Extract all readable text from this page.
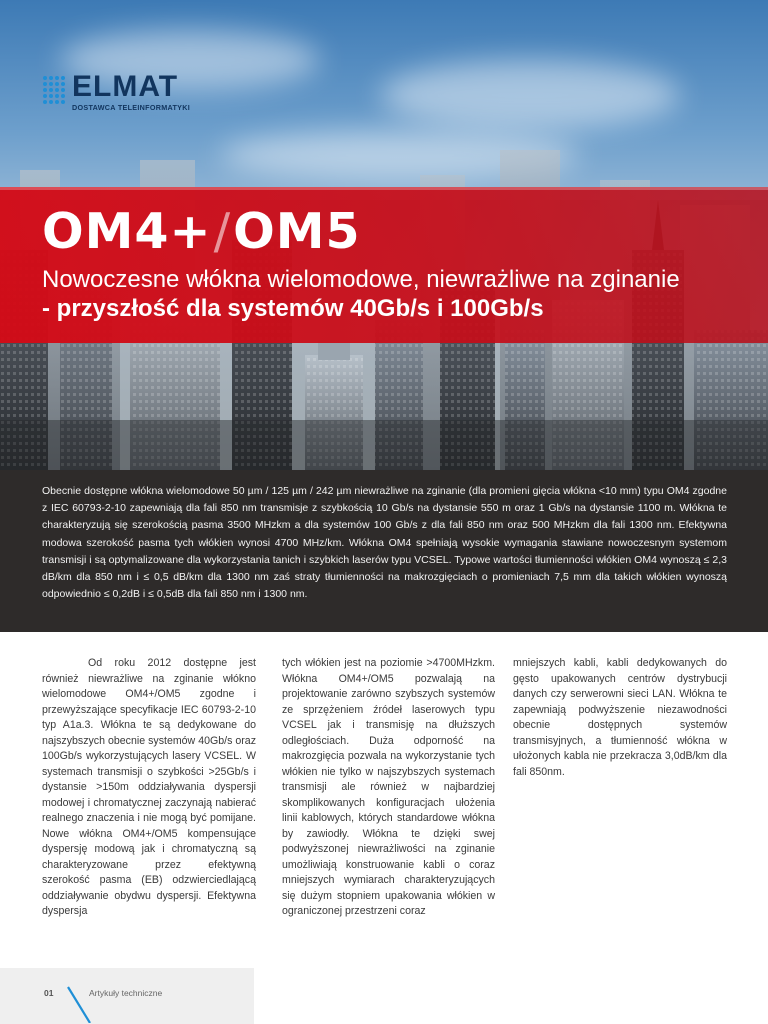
ELMAT
DOSTAWCA TELEINFORMATYKI
OM4+/OM5
Nowoczesne włókna wielomodowe, niewrażliwe na zginanie
- przyszłość dla systemów 40Gb/s i 100Gb/s

Obecnie dostępne włókna wielomodowe 50 µm / 125 µm / 242 µm niewrażliwe na zginanie (dla promieni gięcia włókna <10 mm) typu OM4 zgodne z IEC 60793-2-10 zapewniają dla fali 850 nm transmisje z szybkością 10 Gb/s na dystansie 550 m oraz 1 Gb/s na dystansie 1100 m. Włókna te charakteryzują się szerokością pasma 3500 MHzkm a dla systemów 100 Gb/s z dla fali 850 nm oraz 500 MHzkm dla fali 1300 nm. Efektywna modowa szerokość pasma tych włókien wynosi 4700 MHz/km. Włókna OM4 spełniają wysokie wymagania stawiane nowoczesnym systemom transmisji i są optymalizowane dla wykorzystania tanich i szybkich laserów typu VCSEL. Typowe wartości tłumienności włókien OM4 wynoszą ≤ 2,3 dB/km dla 850 nm i ≤ 0,5 dB/km dla 1300 nm zaś straty tłumienności na makrozgięciach o promieniach 7,5 mm dla takich włókien wynoszą odpowiednio ≤ 0,2dB i ≤ 0,5dB dla fali 850 nm i 1300 nm.

Od roku 2012 dostępne jest również niewrażliwe na zginanie włókno wielomodowe OM4+/OM5 zgodne i przewyższające specyfikacje IEC 60793-2-10 typ A1a.3. Włókna te są dedykowane do najszybszych obecnie systemów 40Gb/s oraz 100Gb/s wykorzystujących lasery VCSEL. W systemach transmisji o szybkości >25Gb/s i dystansie >150m oddziaływania dyspersji modowej i chromatycznej zaczynają nabierać realnego znaczenia i nie mogą być pomijane. Nowe włókna OM4+/OM5 kompensujące dyspersję modową jak i chromatyczną są charakteryzowane przez efektywną szerokość pasma (EB) odzwierciedlającą oddziaływanie obydwu dyspersji. Efektywna dyspersja

tych włókien jest na poziomie >4700MHzkm. Włókna OM4+/OM5 pozwalają na projektowanie zarówno szybszych systemów ze sprzężeniem źródeł laserowych typu VCSEL jak i transmisję na dłuższych odległościach. Duża odporność na makrozgięcia pozwala na wykorzystanie tych włókien nie tylko w najszybszych systemach transmisji ale również w najbardziej skomplikowanych konfiguracjach ułożenia linii kablowych, których standardowe włókna by zawiodły. Włókna te dzięki swej podwyższonej niewrażliwości na zginanie umożliwiają konstruowanie kabli o coraz mniejszych wymiarach charakteryzujących się dużym stopniem upakowania włókien w ograniczonej przestrzeni coraz

mniejszych kabli, kabli dedykowanych do gęsto upakowanych centrów dystrybucji danych czy serwerowni sieci LAN. Włókna te zapewniają podwyższenie niezawodności obecnie dostępnych systemów transmisyjnych, a tłumienność włókna w ułożonych kabla nie przekracza 3,0dB/km dla fali 850nm.

01	Artykuły techniczne
